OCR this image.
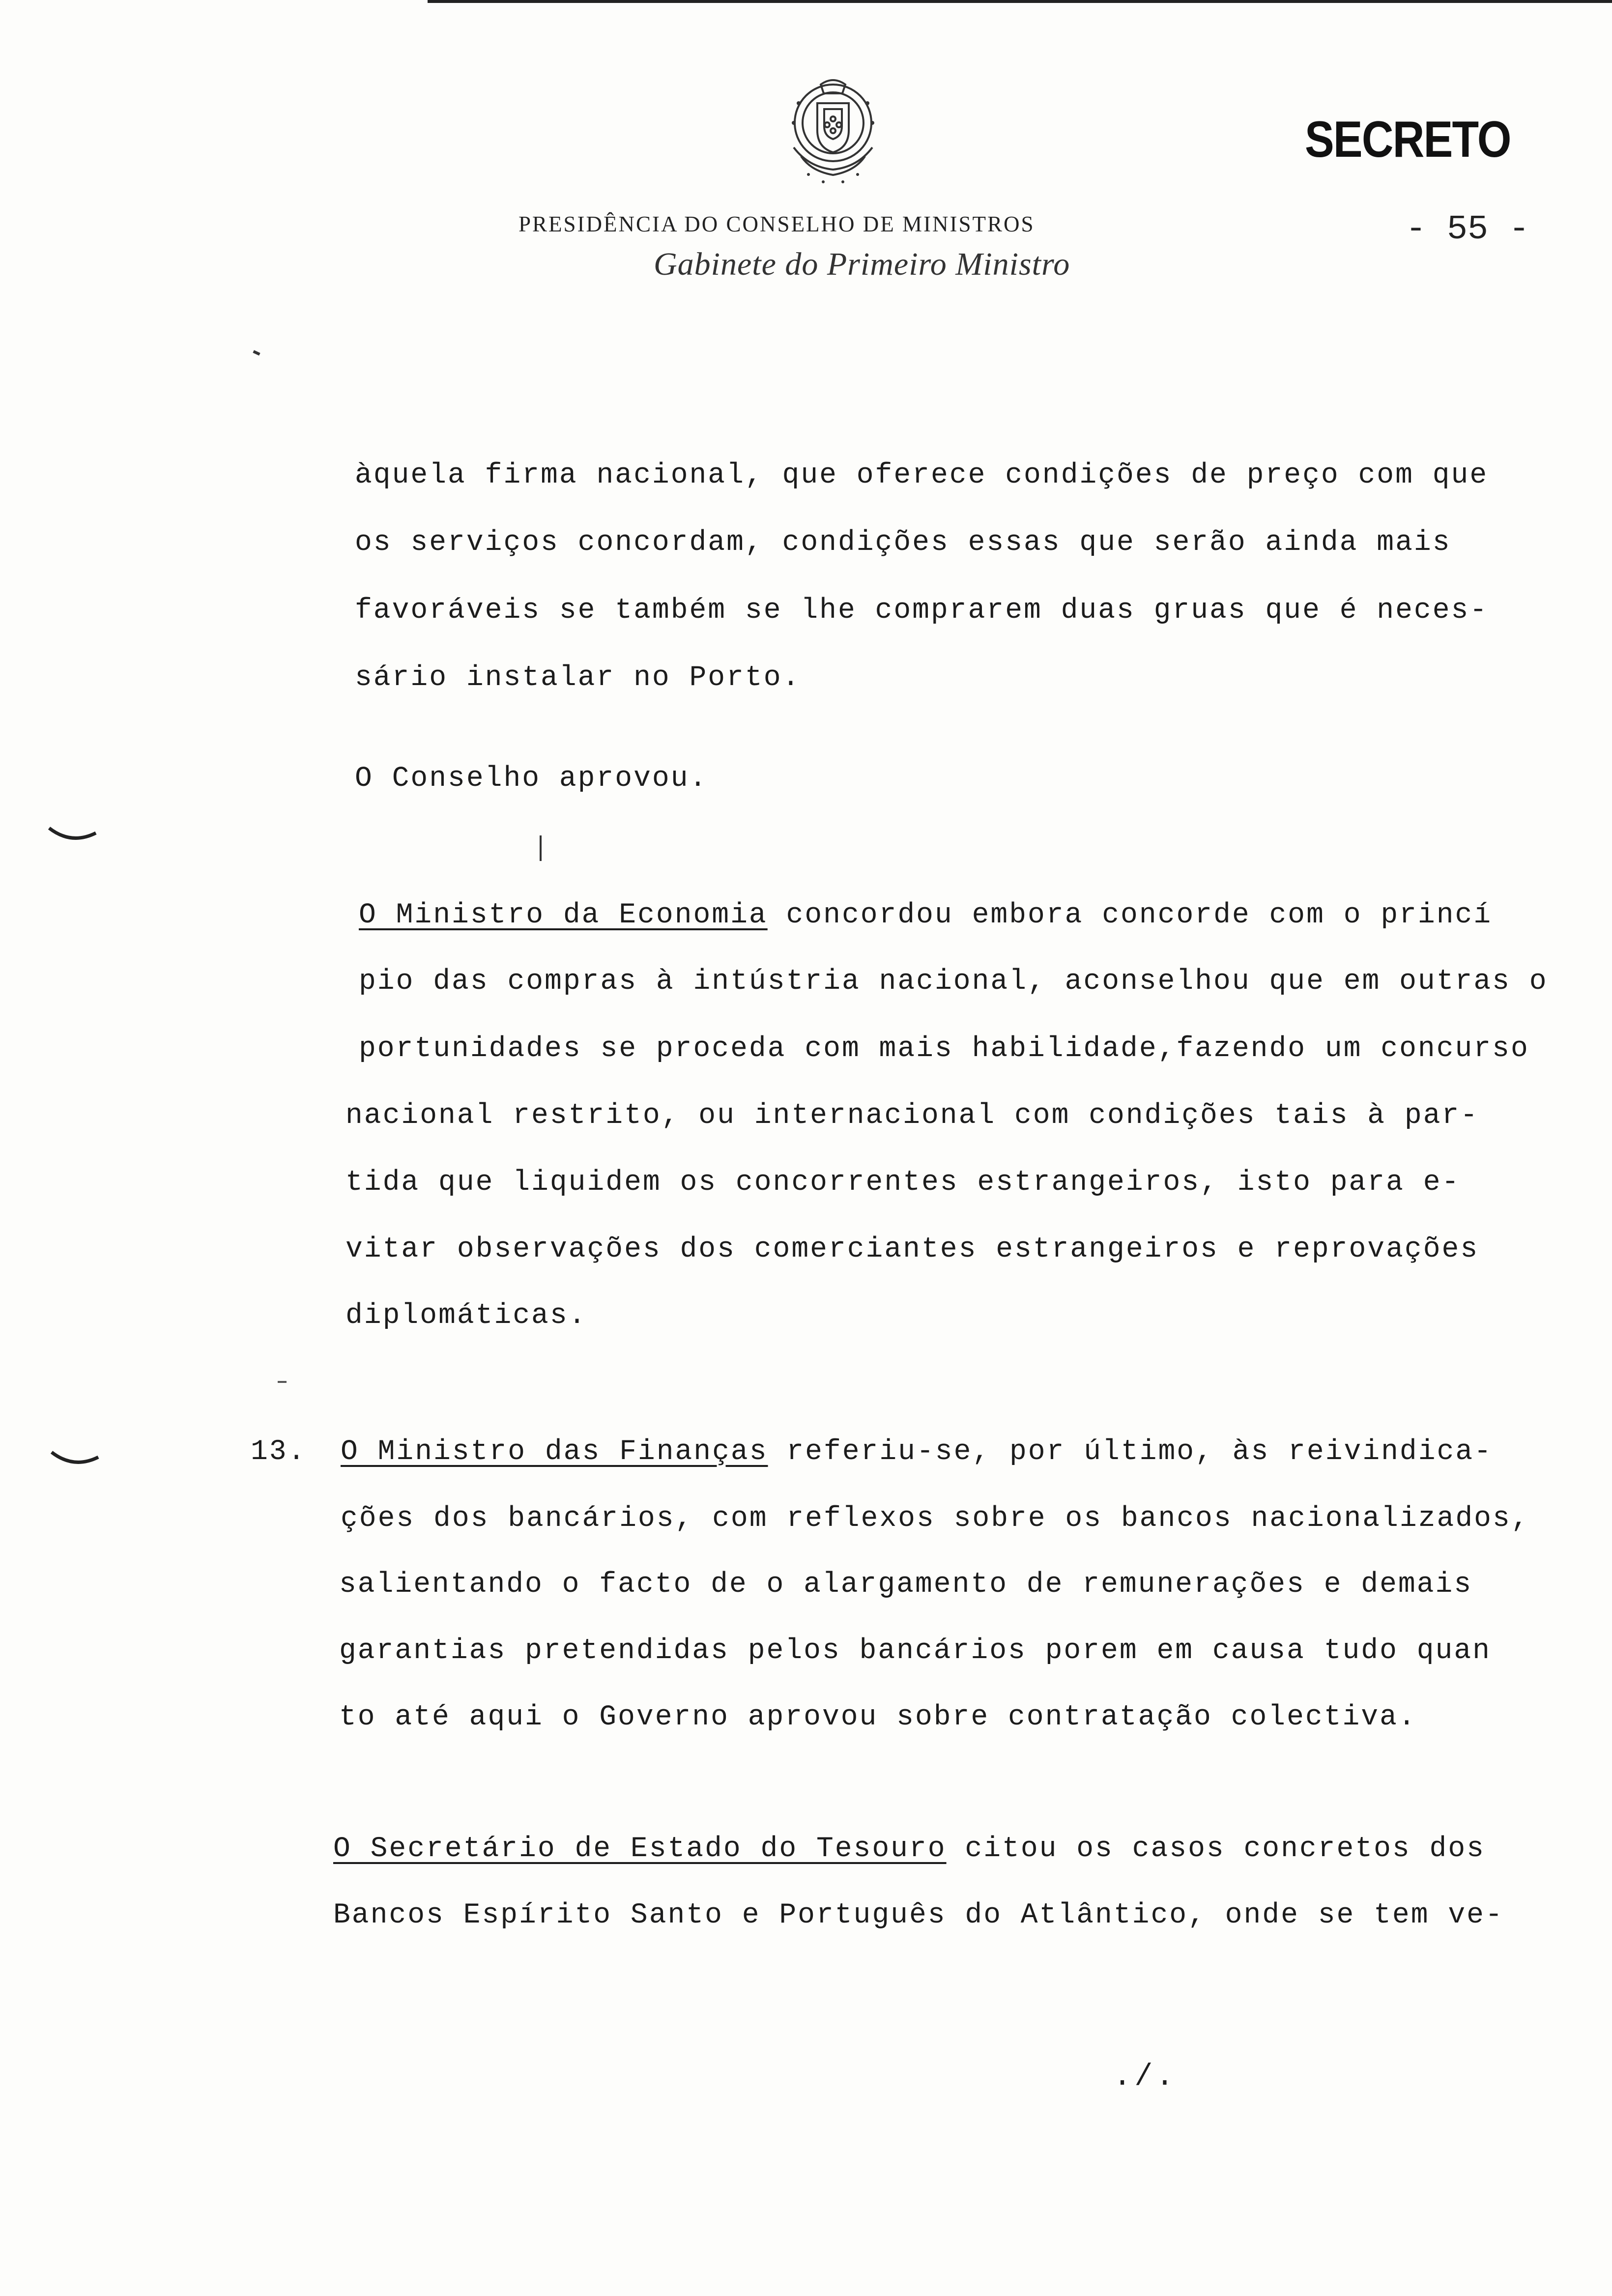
SECRETO
- 55 -
PRESIDÊNCIA DO CONSELHO DE MINISTROS
Gabinete do Primeiro Ministro
àquela firma nacional, que oferece condições de preço com que
os serviços concordam, condições essas que serão ainda mais
favoráveis se também se lhe comprarem duas gruas que é neces-
sário instalar no Porto.
O Conselho aprovou.
O Ministro da Economia concordou embora concorde com o princí
pio das compras à intústria nacional, aconselhou que em outras o
portunidades se proceda com mais habilidade,fazendo um concurso
nacional restrito, ou internacional com condições tais à par-
tida que liquidem os concorrentes estrangeiros, isto para e-
vitar observações dos comerciantes estrangeiros e reprovações
diplomáticas.
13. O Ministro das Finanças referiu-se, por último, às reivindica-
ções dos bancários, com reflexos sobre os bancos nacionalizados,
salientando o facto de o alargamento de remunerações e demais
garantias pretendidas pelos bancários porem em causa tudo quan
to até aqui o Governo aprovou sobre contratação colectiva.
O Secretário de Estado do Tesouro citou os casos concretos dos
Bancos Espírito Santo e Português do Atlântico, onde se tem ve-
./.
